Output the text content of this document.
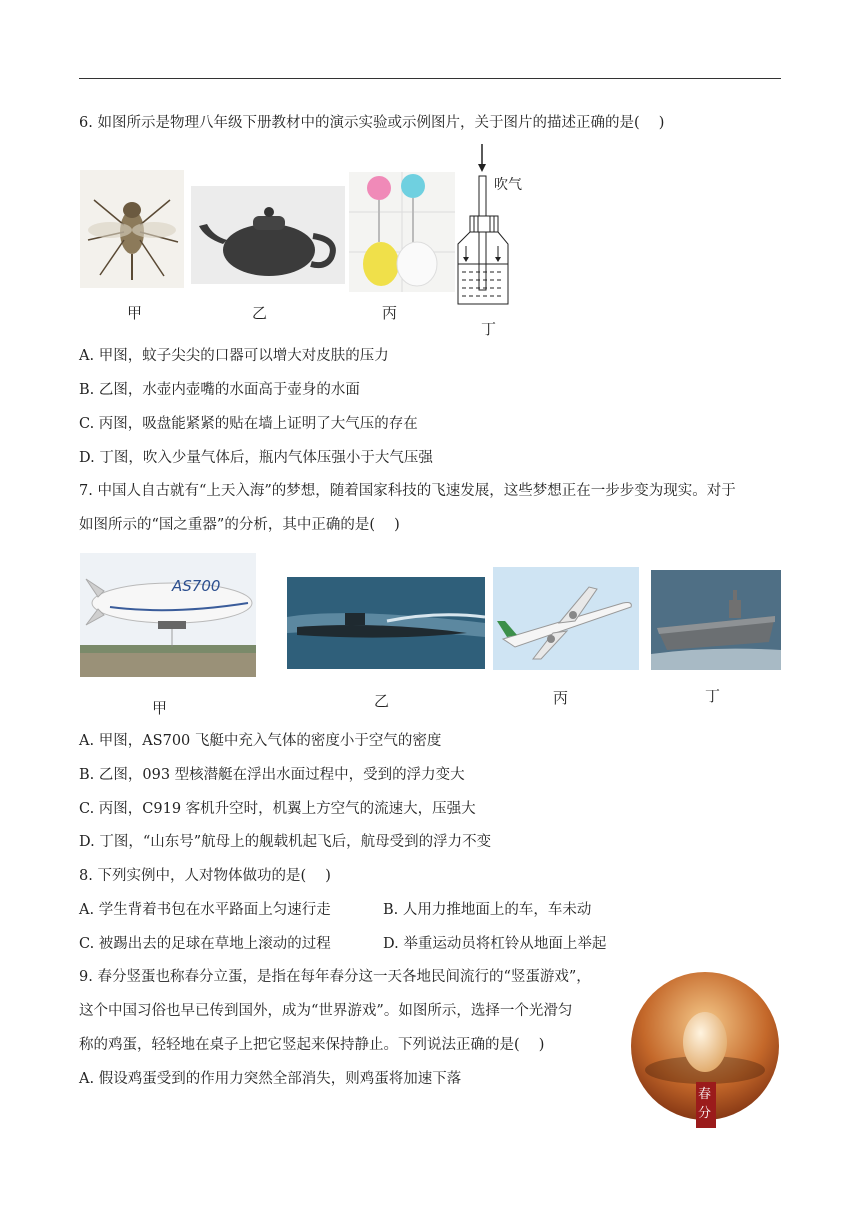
6. 如图所示是物理八年级下册教材中的演示实验或示例图片，关于图片的描述正确的是(　 )
甲	乙	丙
吹气
丁
A. 甲图，蚊子尖尖的口器可以增大对皮肤的压力
B. 乙图，水壶内壶嘴的水面高于壶身的水面
C. 丙图，吸盘能紧紧的贴在墙上证明了大气压的存在
D. 丁图，吹入少量气体后，瓶内气体压强小于大气压强
7. 中国人自古就有“上天入海”的梦想，随着国家科技的飞速发展，这些梦想正在一步步变为现实。对于
如图所示的“国之重器”的分析，其中正确的是(　 )
AS700
甲	乙	丙	丁
A. 甲图，AS700 飞艇中充入气体的密度小于空气的密度
B. 乙图，093 型核潜艇在浮出水面过程中，受到的浮力变大
C. 丙图，C919 客机升空时，机翼上方空气的流速大，压强大
D. 丁图，“山东号”航母上的舰载机起飞后，航母受到的浮力不变
8. 下列实例中，人对物体做功的是(　 )
A. 学生背着书包在水平路面上匀速行走	B. 人用力推地面上的车，车未动
C. 被踢出去的足球在草地上滚动的过程	D. 举重运动员将杠铃从地面上举起
9. 春分竖蛋也称春分立蛋，是指在每年春分这一天各地民间流行的“竖蛋游戏”，
这个中国习俗也早已传到国外，成为“世界游戏”。如图所示，选择一个光滑匀
称的鸡蛋，轻轻地在桌子上把它竖起来保持静止。下列说法正确的是(　 )
A. 假设鸡蛋受到的作用力突然全部消失，则鸡蛋将加速下落
春
分
